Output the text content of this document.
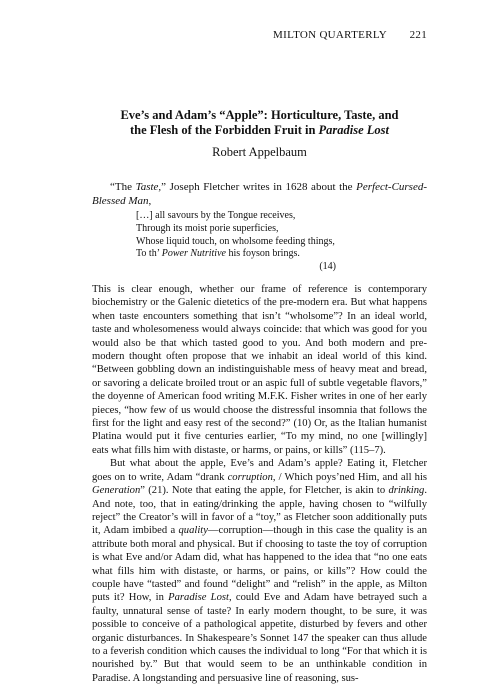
MILTON QUARTERLY 221
Eve’s and Adam’s “Apple”: Horticulture, Taste, and
the Flesh of the Forbidden Fruit in Paradise Lost
Robert Appelbaum

“The Taste,” Joseph Fletcher writes in 1628 about the Perfect-Cursed-Blessed Man,

[…] all savours by the Tongue receives,
Through its moist porie superficies,
Whose liquid touch, on wholsome feeding things,
To th’ Power Nutritive his foyson brings.
(14)

This is clear enough, whether our frame of reference is contemporary biochemistry or the Galenic dietetics of the pre-modern era. But what happens when taste encounters something that isn’t “wholsome”? In an ideal world, taste and wholesomeness would always coincide: that which was good for you would also be that which tasted good to you. And both modern and pre-modern thought often propose that we inhabit an ideal world of this kind. “Between gobbling down an indistinguishable mess of heavy meat and bread, or savoring a delicate broiled trout or an aspic full of subtle vegetable flavors,” the doyenne of American food writing M.F.K. Fisher writes in one of her early pieces, “how few of us would choose the distressful insomnia that follows the first for the light and easy rest of the second?” (10) Or, as the Italian humanist Platina would put it five centuries earlier, “To my mind, no one [willingly] eats what fills him with distaste, or harms, or pains, or kills” (115–7).

But what about the apple, Eve’s and Adam’s apple? Eating it, Fletcher goes on to write, Adam “drank corruption, / Which poys’ned Him, and all his Generation” (21). Note that eating the apple, for Fletcher, is akin to drinking. And note, too, that in eating/drinking the apple, having chosen to “wilfully reject” the Creator’s will in favor of a “toy,” as Fletcher soon additionally puts it, Adam imbibed a quality—corruption—though in this case the quality is an attribute both moral and physical. But if choosing to taste the toy of corruption is what Eve and/or Adam did, what has happened to the idea that “no one eats what fills him with distaste, or harms, or pains, or kills”? How could the couple have “tasted” and found “delight” and “relish” in the apple, as Milton puts it? How, in Paradise Lost, could Eve and Adam have betrayed such a faulty, unnatural sense of taste? In early modern thought, to be sure, it was possible to conceive of a pathological appetite, disturbed by fevers and other organic disturbances. In Shakespeare’s Sonnet 147 the speaker can thus allude to a feverish condition which causes the individual to long “For that which it is nourished by.” But that would seem to be an unthinkable condition in Paradise. A longstanding and persuasive line of reasoning, sus-
